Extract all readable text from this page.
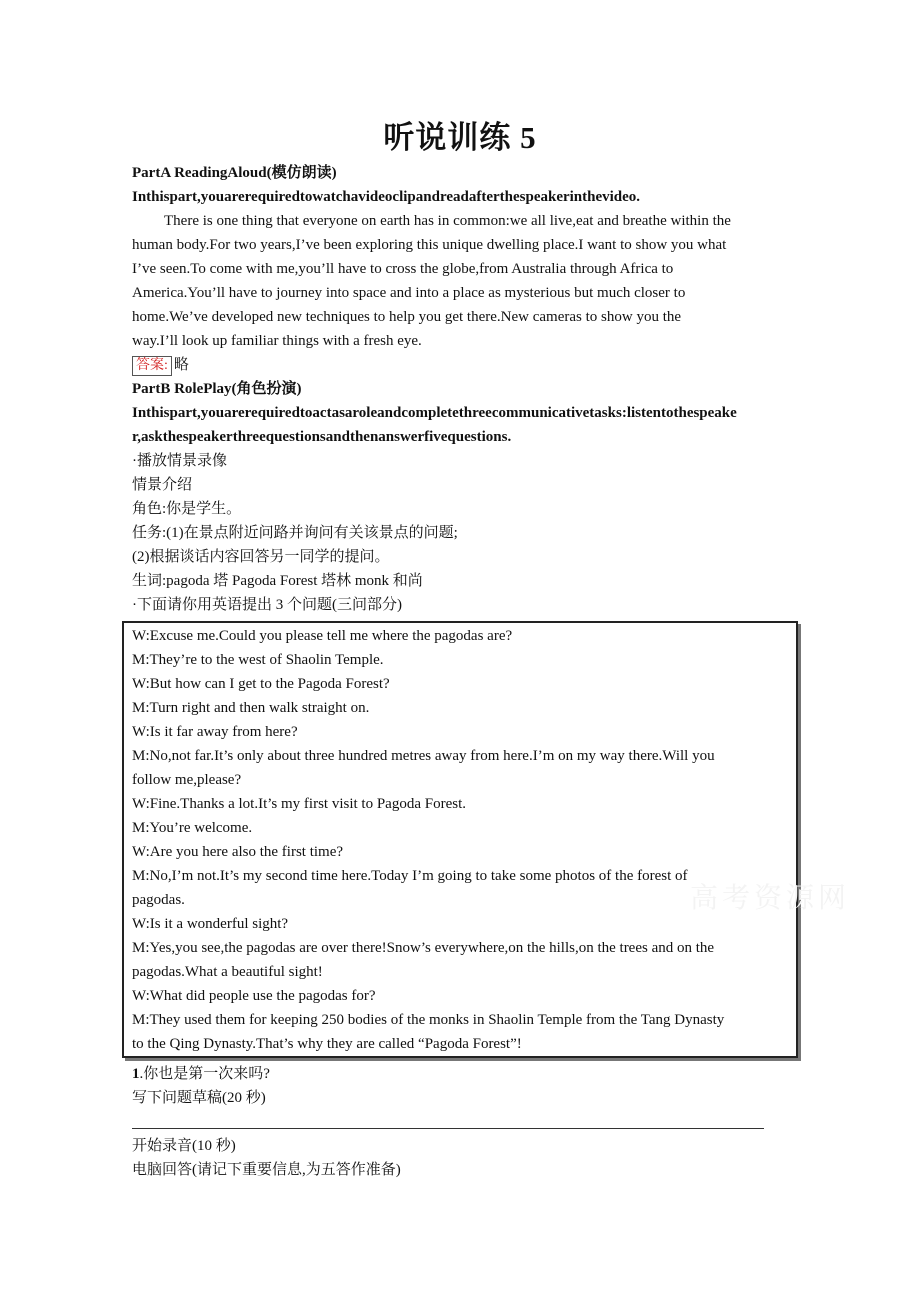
听说训练 5
PartA ReadingAloud(模仿朗读)
Inthispart,youarerequiredtowatchavideoclipandreadafterthespeakerinthevideo.
There is one thing that everyone on earth has in common:we all live,eat and breathe within the
human body.For two years,I’ve been exploring this unique dwelling place.I want to show you what
I’ve seen.To come with me,you’ll have to cross the globe,from Australia through Africa to
America.You’ll have to journey into space and into a place as mysterious but much closer to
home.We’ve developed new techniques to help you get there.New cameras to show you the
way.I’ll look up familiar things with a fresh eye.
答案: 略
PartB RolePlay(角色扮演)
Inthispart,youarerequiredtoactasaroleandcompletethreecommunicativetasks:listentothespeake
r,askthespeakerthreequestionsandthenanswerfivequestions.
·播放情景录像
情景介绍
角色:你是学生。
任务:(1)在景点附近问路并询问有关该景点的问题;
(2)根据谈话内容回答另一同学的提问。
生词:pagoda 塔 Pagoda Forest 塔林 monk 和尚
·下面请你用英语提出 3 个问题(三问部分)
W:Excuse me.Could you please tell me where the pagodas are?
M:They’re to the west of Shaolin Temple.
W:But how can I get to the Pagoda Forest?
M:Turn right and then walk straight on.
W:Is it far away from here?
M:No,not far.It’s only about three hundred metres away from here.I’m on my way there.Will you
follow me,please?
W:Fine.Thanks a lot.It’s my first visit to Pagoda Forest.
M:You’re welcome.
W:Are you here also the first time?
M:No,I’m not.It’s my second time here.Today I’m going to take some photos of the forest of
pagodas.
W:Is it a wonderful sight?
M:Yes,you see,the pagodas are over there!Snow’s everywhere,on the hills,on the trees and on the
pagodas.What a beautiful sight!
W:What did people use the pagodas for?
M:They used them for keeping 250 bodies of the monks in Shaolin Temple from the Tang Dynasty
to the Qing Dynasty.That’s why they are called “Pagoda Forest”!
高考资源网
1.你也是第一次来吗?
写下问题草稿(20 秒)
开始录音(10 秒)
电脑回答(请记下重要信息,为五答作准备)
